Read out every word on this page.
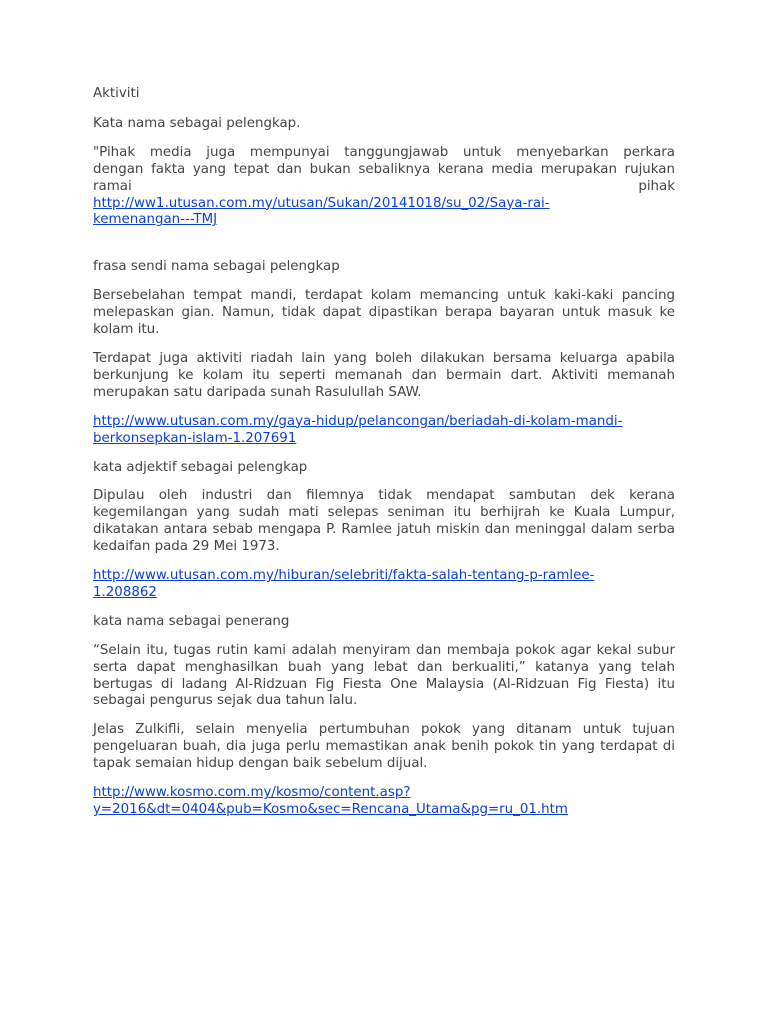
Aktiviti

Kata nama sebagai pelengkap.

"Pihak media juga mempunyai tanggungjawab untuk menyebarkan perkara
dengan fakta yang tepat dan bukan sebaliknya kerana media merupakan rujukan
ramai pihak

http://ww1.utusan.com.my/utusan/Sukan/20141018/su_02/Saya-rai-
kemenangan---TMJ

frasa sendi nama sebagai pelengkap

Bersebelahan tempat mandi, terdapat kolam memancing untuk kaki-kaki pancing melepaskan gian. Namun, tidak dapat dipastikan berapa bayaran untuk masuk ke kolam itu.

Terdapat juga aktiviti riadah lain yang boleh dilakukan bersama keluarga apabila berkunjung ke kolam itu seperti memanah dan bermain dart. Aktiviti memanah merupakan satu daripada sunah Rasulullah SAW.

http://www.utusan.com.my/gaya-hidup/pelancongan/beriadah-di-kolam-mandi-
berkonsepkan-islam-1.207691

kata adjektif sebagai pelengkap

Dipulau oleh industri dan filemnya tidak mendapat sambutan dek kerana kegemilangan yang sudah mati selepas seniman itu berhijrah ke Kuala Lumpur, dikatakan antara sebab mengapa P. Ramlee jatuh miskin dan meninggal dalam serba kedaifan pada 29 Mei 1973.

http://www.utusan.com.my/hiburan/selebriti/fakta-salah-tentang-p-ramlee-
1.208862

kata nama sebagai penerang

“Selain itu, tugas rutin kami adalah menyiram dan membaja pokok agar kekal subur serta dapat menghasilkan buah yang lebat dan berkualiti,” katanya yang telah bertugas di ladang Al-Ridzuan Fig Fiesta One Malaysia (Al-Ridzuan Fig Fiesta) itu sebagai pengurus sejak dua tahun lalu.

Jelas Zulkifli, selain menyelia pertumbuhan pokok yang ditanam untuk tujuan pengeluaran buah, dia juga perlu memastikan anak benih pokok tin yang terdapat di tapak semaian hidup dengan baik sebelum dijual.

http://www.kosmo.com.my/kosmo/content.asp?
y=2016&dt=0404&pub=Kosmo&sec=Rencana_Utama&pg=ru_01.htm
